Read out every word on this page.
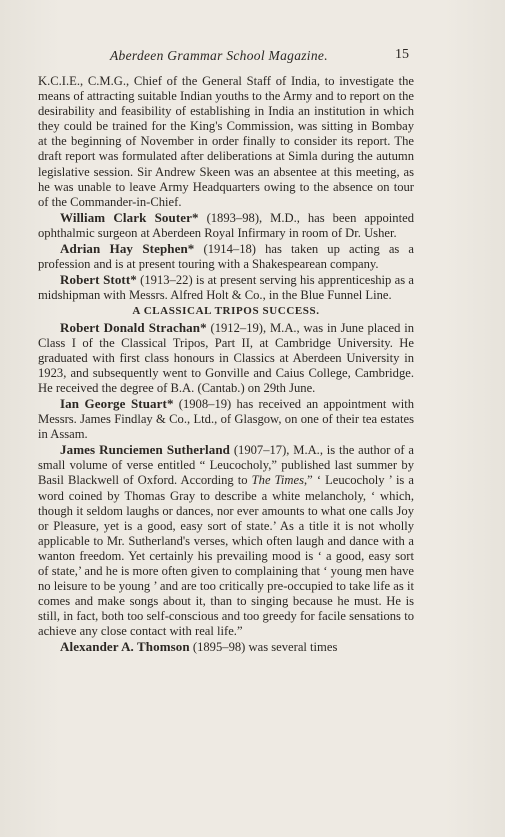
Aberdeen Grammar School Magazine.	15

K.C.I.E., C.M.G., Chief of the General Staff of India, to investigate the means of attracting suitable Indian youths to the Army and to report on the desirability and feasibility of establishing in India an institution in which they could be trained for the King's Commission, was sitting in Bombay at the beginning of November in order finally to consider its report. The draft report was formulated after deliberations at Simla during the autumn legislative session. Sir Andrew Skeen was an absentee at this meeting, as he was unable to leave Army Headquarters owing to the absence on tour of the Commander-in-Chief.

William Clark Souter* (1893–98), M.D., has been appointed ophthalmic surgeon at Aberdeen Royal Infirmary in room of Dr. Usher.

Adrian Hay Stephen* (1914–18) has taken up acting as a profession and is at present touring with a Shakespearean company.

Robert Stott* (1913–22) is at present serving his apprenticeship as a midshipman with Messrs. Alfred Holt & Co., in the Blue Funnel Line.

A CLASSICAL TRIPOS SUCCESS.

Robert Donald Strachan* (1912–19), M.A., was in June placed in Class I of the Classical Tripos, Part II, at Cambridge University. He graduated with first class honours in Classics at Aberdeen University in 1923, and subsequently went to Gonville and Caius College, Cambridge. He received the degree of B.A. (Cantab.) on 29th June.

Ian George Stuart* (1908–19) has received an appointment with Messrs. James Findlay & Co., Ltd., of Glasgow, on one of their tea estates in Assam.

James Runciemen Sutherland (1907–17), M.A., is the author of a small volume of verse entitled “ Leucocholy,” published last summer by Basil Blackwell of Oxford. According to The Times,” ‘ Leucocholy ’ is a word coined by Thomas Gray to describe a white melancholy, ‘ which, though it seldom laughs or dances, nor ever amounts to what one calls Joy or Pleasure, yet is a good, easy sort of state.’ As a title it is not wholly applicable to Mr. Sutherland's verses, which often laugh and dance with a wanton freedom. Yet certainly his prevailing mood is ‘ a good, easy sort of state,’ and he is more often given to complaining that ‘ young men have no leisure to be young ’ and are too critically pre-occupied to take life as it comes and make songs about it, than to singing because he must. He is still, in fact, both too self-conscious and too greedy for facile sensations to achieve any close contact with real life.”

Alexander A. Thomson (1895–98) was several times
